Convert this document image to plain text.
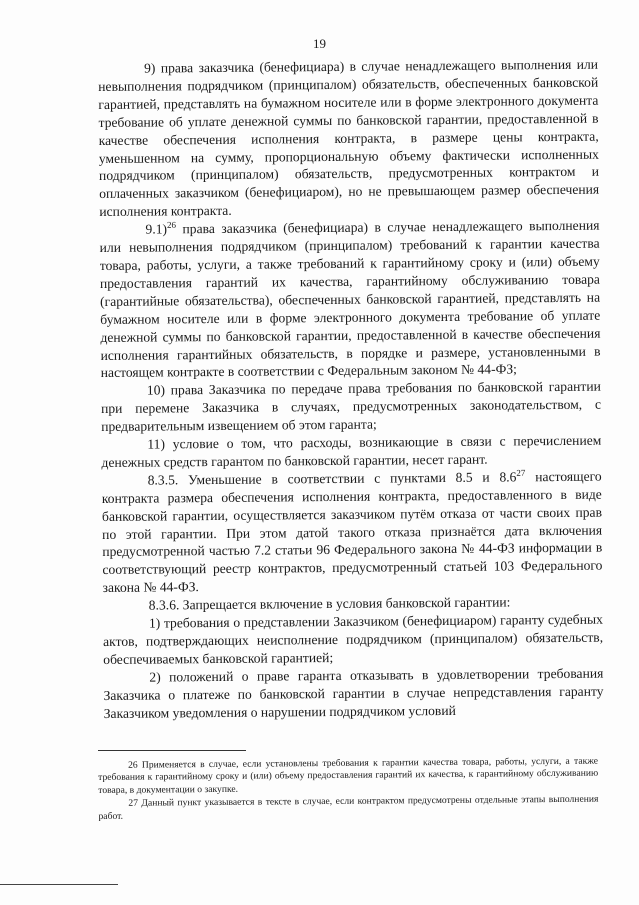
19

9) права заказчика (бенефициара) в случае ненадлежащего выполнения или невыполнения подрядчиком (принципалом) обязательств, обеспеченных банковской гарантией, представлять на бумажном носителе или в форме электронного документа требование об уплате денежной суммы по банковской гарантии, предоставленной в качестве обеспечения исполнения контракта, в размере цены контракта, уменьшенном на сумму, пропорциональную объему фактически исполненных подрядчиком (принципалом) обязательств, предусмотренных контрактом и оплаченных заказчиком (бенефициаром), но не превышающем размер обеспечения исполнения контракта.

9.1)$^{26}$ права заказчика (бенефициара) в случае ненадлежащего выполнения или невыполнения подрядчиком (принципалом) требований к гарантии качества товара, работы, услуги, а также требований к гарантийному сроку и (или) объему предоставления гарантий их качества, гарантийному обслуживанию товара (гарантийные обязательства), обеспеченных банковской гарантией, представлять на бумажном носителе или в форме электронного документа требование об уплате денежной суммы по банковской гарантии, предоставленной в качестве обеспечения исполнения гарантийных обязательств, в порядке и размере, установленными в настоящем контракте в соответствии с Федеральным законом № 44-ФЗ;

10) права Заказчика по передаче права требования по банковской гарантии при перемене Заказчика в случаях, предусмотренных законодательством, с предварительным извещением об этом гаранта;

11) условие о том, что расходы, возникающие в связи с перечислением денежных средств гарантом по банковской гарантии, несет гарант.

8.3.5. Уменьшение в соответствии с пунктами 8.5 и $8.6^{27}$ настоящего контракта размера обеспечения исполнения контракта, предоставленного в виде банковской гарантии, осуществляется заказчиком путём отказа от части своих прав по этой гарантии. При этом датой такого отказа признаётся дата включения предусмотренной частью 7.2 статьи 96 Федерального закона № 44-ФЗ информации в соответствующий реестр контрактов, предусмотренный статьей 103 Федерального закона № 44-ФЗ.

8.3.6. Запрещается включение в условия банковской гарантии:

1) требования о представлении Заказчиком (бенефициаром) гаранту судебных актов, подтверждающих неисполнение подрядчиком (принципалом) обязательств, обеспечиваемых банковской гарантией;

2) положений о праве гаранта отказывать в удовлетворении требования Заказчика о платеже по банковской гарантии в случае непредставления гаранту Заказчиком уведомления о нарушении подрядчиком условий

26 Применяется в случае, если установлены требования к гарантии качества товара, работы, услуги, а также требования к гарантийному сроку и (или) объему предоставления гарантий их качества, к гарантийному обслуживанию товара, в документации о закупке.

27 Данный пункт указывается в тексте в случае, если контрактом предусмотрены отдельные этапы выполнения работ.
